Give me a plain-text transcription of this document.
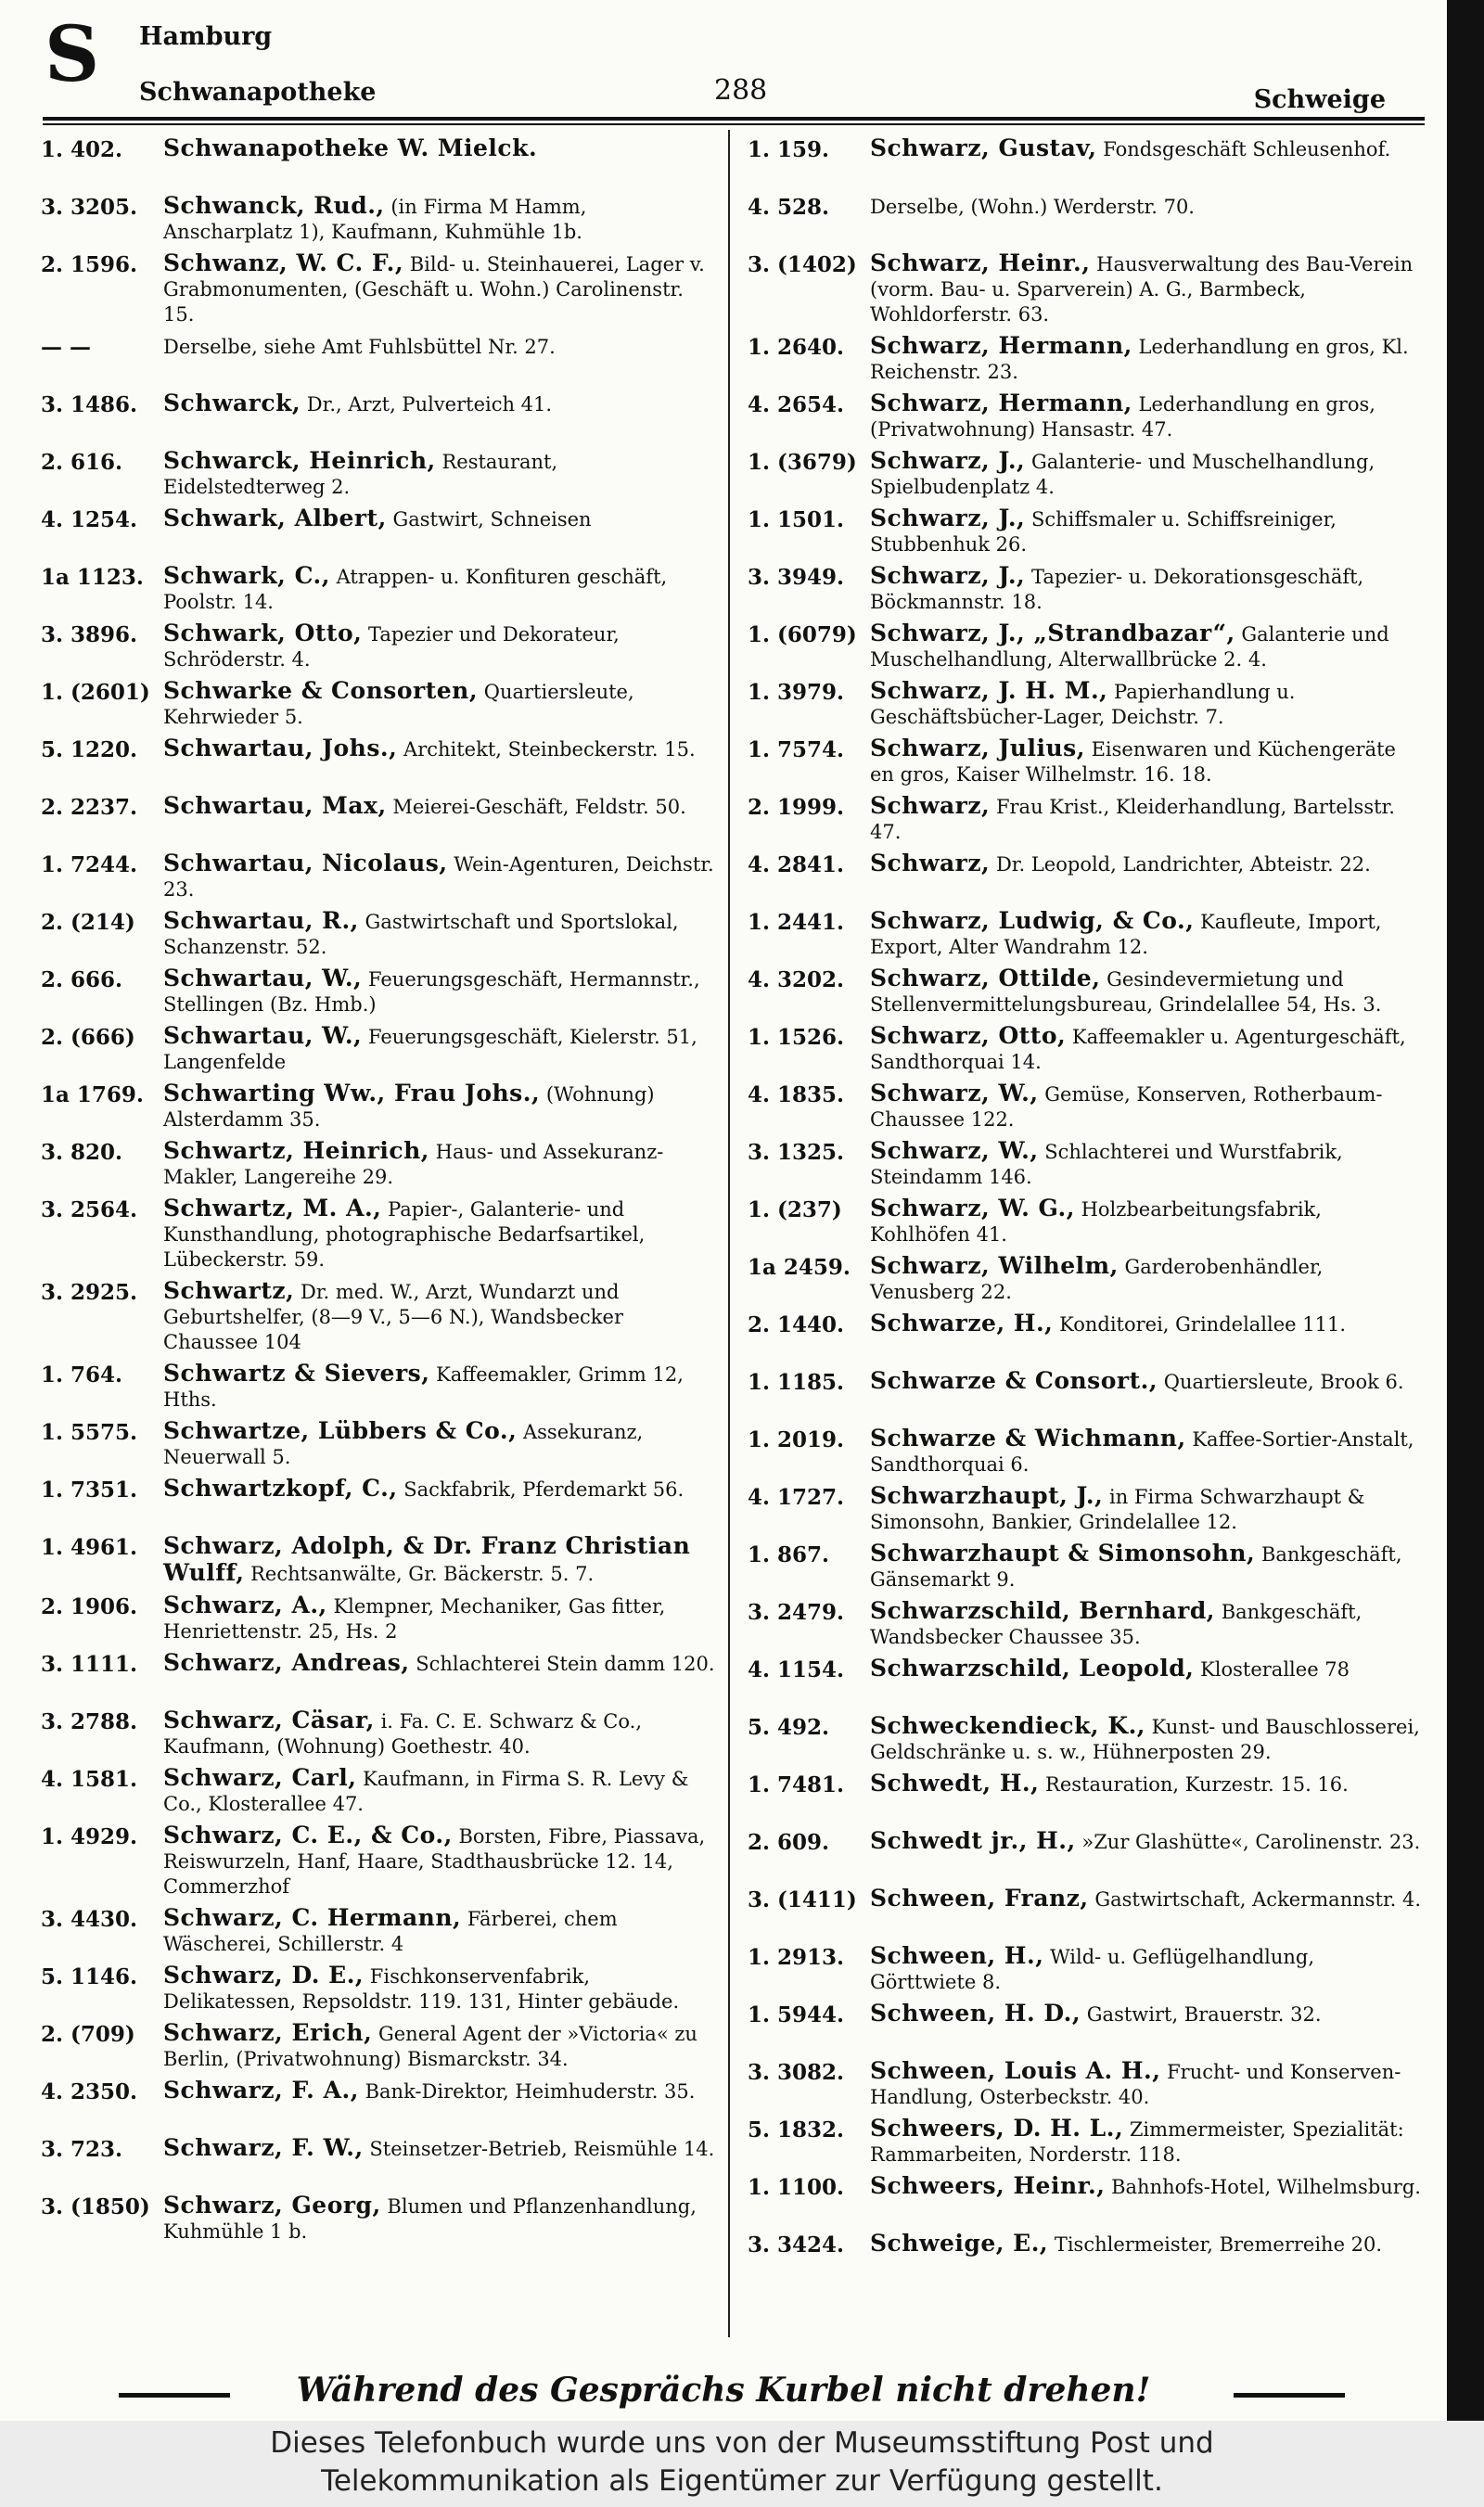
S Hamburg
Schwanapotheke	288	Schweige
1. 402.	Schwanapotheke W. Mielck.
3. 3205.	Schwanck, Rud., (in Firma M Hamm, Anscharplatz 1), Kaufmann, Kuhmühle 1b.
2. 1596.	Schwanz, W. C. F., Bild- u. Steinhauerei, Lager v. Grabmonumenten, (Geschäft u. Wohn.) Carolinenstr. 15.
— —	Derselbe, siehe Amt Fuhlsbüttel Nr. 27.
3. 1486.	Schwarck, Dr., Arzt, Pulverteich 41.
2. 616.	Schwarck, Heinrich, Restaurant, Eidelstedterweg 2.
4. 1254.	Schwark, Albert, Gastwirt, Schneisen
1a 1123. Schwark, C., Atrappen- u. Konfituren geschäft, Poolstr. 14.
3. 3896.	Schwark, Otto, Tapezier und Dekorateur, Schröderstr. 4.
1. (2601) Schwarke & Consorten, Quartiersleute, Kehrwieder 5.
5. 1220.	Schwartau, Johs., Architekt, Steinbeckerstr. 15.
2. 2237.	Schwartau, Max, Meierei-Geschäft, Feldstr. 50.
1. 7244.	Schwartau, Nicolaus, Wein-Agenturen, Deichstr. 23.
2. (214)	Schwartau, R., Gastwirtschaft und Sportslokal, Schanzenstr. 52.
2. 666.	Schwartau, W., Feuerungsgeschäft, Hermannstr., Stellingen (Bz. Hmb.)
2. (666)	Schwartau, W., Feuerungsgeschäft, Kielerstr. 51, Langenfelde
1a 1769. Schwarting Ww., Frau Johs., (Wohnung) Alsterdamm 35.
3. 820.	Schwartz, Heinrich, Haus- und Assekuranz-Makler, Langereihe 29.
3. 2564.	Schwartz, M. A., Papier-, Galanterie- und Kunsthandlung, photographische Bedarfsartikel, Lübeckerstr. 59.
3. 2925.	Schwartz, Dr. med. W., Arzt, Wundarzt und Geburtshelfer, (8—9 V., 5—6 N.), Wandsbecker Chaussee 104
1. 764.	Schwartz & Sievers, Kaffeemakler, Grimm 12, Hths.
1. 5575.	Schwartze, Lübbers & Co., Assekuranz, Neuerwall 5.
1. 7351.	Schwartzkopf, C., Sackfabrik, Pferdemarkt 56.
1. 4961.	Schwarz, Adolph, & Dr. Franz Christian Wulff, Rechtsanwälte, Gr. Bäckerstr. 5. 7.
2. 1906.	Schwarz, A., Klempner, Mechaniker, Gas fitter, Henriettenstr. 25, Hs. 2
3. 1111.	Schwarz, Andreas, Schlachterei Stein damm 120.
3. 2788.	Schwarz, Cäsar, i. Fa. C. E. Schwarz & Co., Kaufmann, (Wohnung) Goethestr. 40.
4. 1581.	Schwarz, Carl, Kaufmann, in Firma S. R. Levy & Co., Klosterallee 47.
1. 4929.	Schwarz, C. E., & Co., Borsten, Fibre, Piassava, Reiswurzeln, Hanf, Haare, Stadthausbrücke 12. 14, Commerzhof
3. 4430.	Schwarz, C. Hermann, Färberei, chem Wäscherei, Schillerstr. 4
5. 1146.	Schwarz, D. E., Fischkonservenfabrik, Delikatessen, Repsoldstr. 119. 131, Hinter gebäude.
2. (709)	Schwarz, Erich, General Agent der »Victoria« zu Berlin, (Privatwohnung) Bismarckstr. 34.
4. 2350.	Schwarz, F. A., Bank-Direktor, Heimhuderstr. 35.
3. 723.	Schwarz, F. W., Steinsetzer-Betrieb, Reismühle 14.
3. (1850) Schwarz, Georg, Blumen und Pflanzenhandlung, Kuhmühle 1 b.
1. 159.	Schwarz, Gustav, Fondsgeschäft Schleusenhof.
4. 528.	Derselbe, (Wohn.) Werderstr. 70.
3. (1402) Schwarz, Heinr., Hausverwaltung des Bau-Verein (vorm. Bau- u. Sparverein) A. G., Barmbeck, Wohldorferstr. 63.
1. 2640.	Schwarz, Hermann, Lederhandlung en gros, Kl. Reichenstr. 23.
4. 2654.	Schwarz, Hermann, Lederhandlung en gros, (Privatwohnung) Hansastr. 47.
1. (3679) Schwarz, J., Galanterie- und Muschelhandlung, Spielbudenplatz 4.
1. 1501.	Schwarz, J., Schiffsmaler u. Schiffsreiniger, Stubbenhuk 26.
3. 3949.	Schwarz, J., Tapezier- u. Dekorationsgeschäft, Böckmannstr. 18.
1. (6079) Schwarz, J., „Strandbazar“, Galanterie und Muschelhandlung, Alterwallbrücke 2. 4.
1. 3979.	Schwarz, J. H. M., Papierhandlung u. Geschäftsbücher-Lager, Deichstr. 7.
1. 7574.	Schwarz, Julius, Eisenwaren und Küchengeräte en gros, Kaiser Wilhelmstr. 16. 18.
2. 1999.	Schwarz, Frau Krist., Kleiderhandlung, Bartelsstr. 47.
4. 2841.	Schwarz, Dr. Leopold, Landrichter, Abteistr. 22.
1. 2441.	Schwarz, Ludwig, & Co., Kaufleute, Import, Export, Alter Wandrahm 12.
4. 3202.	Schwarz, Ottilde, Gesindevermietung und Stellenvermittelungsbureau, Grindelallee 54, Hs. 3.
1. 1526.	Schwarz, Otto, Kaffeemakler u. Agenturgeschäft, Sandthorquai 14.
4. 1835.	Schwarz, W., Gemüse, Konserven, Rotherbaum-Chaussee 122.
3. 1325.	Schwarz, W., Schlachterei und Wurstfabrik, Steindamm 146.
1. (237)	Schwarz, W. G., Holzbearbeitungsfabrik, Kohlhöfen 41.
1a 2459. Schwarz, Wilhelm, Garderobenhändler, Venusberg 22.
2. 1440.	Schwarze, H., Konditorei, Grindelallee 111.
1. 1185.	Schwarze & Consort., Quartiersleute, Brook 6.
1. 2019.	Schwarze & Wichmann, Kaffee-Sortier-Anstalt, Sandthorquai 6.
4. 1727.	Schwarzhaupt, J., in Firma Schwarzhaupt & Simonsohn, Bankier, Grindelallee 12.
1. 867.	Schwarzhaupt & Simonsohn, Bankgeschäft, Gänsemarkt 9.
3. 2479.	Schwarzschild, Bernhard, Bankgeschäft, Wandsbecker Chaussee 35.
4. 1154.	Schwarzschild, Leopold, Klosterallee 78
5. 492.	Schweckendieck, K., Kunst- und Bauschlosserei, Geldschränke u. s. w., Hühnerposten 29.
1. 7481.	Schwedt, H., Restauration, Kurzestr. 15. 16.
2. 609.	Schwedt jr., H., »Zur Glashütte«, Carolinenstr. 23.
3. (1411) Schween, Franz, Gastwirtschaft, Ackermannstr. 4.
1. 2913.	Schween, H., Wild- u. Geflügelhandlung, Görttwiete 8.
1. 5944.	Schween, H. D., Gastwirt, Brauerstr. 32.
3. 3082.	Schween, Louis A. H., Frucht- und Konserven-Handlung, Osterbeckstr. 40.
5. 1832.	Schweers, D. H. L., Zimmermeister, Spezialität: Rammarbeiten, Norderstr. 118.
1. 1100.	Schweers, Heinr., Bahnhofs-Hotel, Wilhelmsburg.
3. 3424.	Schweige, E., Tischlermeister, Bremerreihe 20.
Während des Gesprächs Kurbel nicht drehen!
Dieses Telefonbuch wurde uns von der Museumsstiftung Post und
Telekommunikation als Eigentümer zur Verfügung gestellt.
